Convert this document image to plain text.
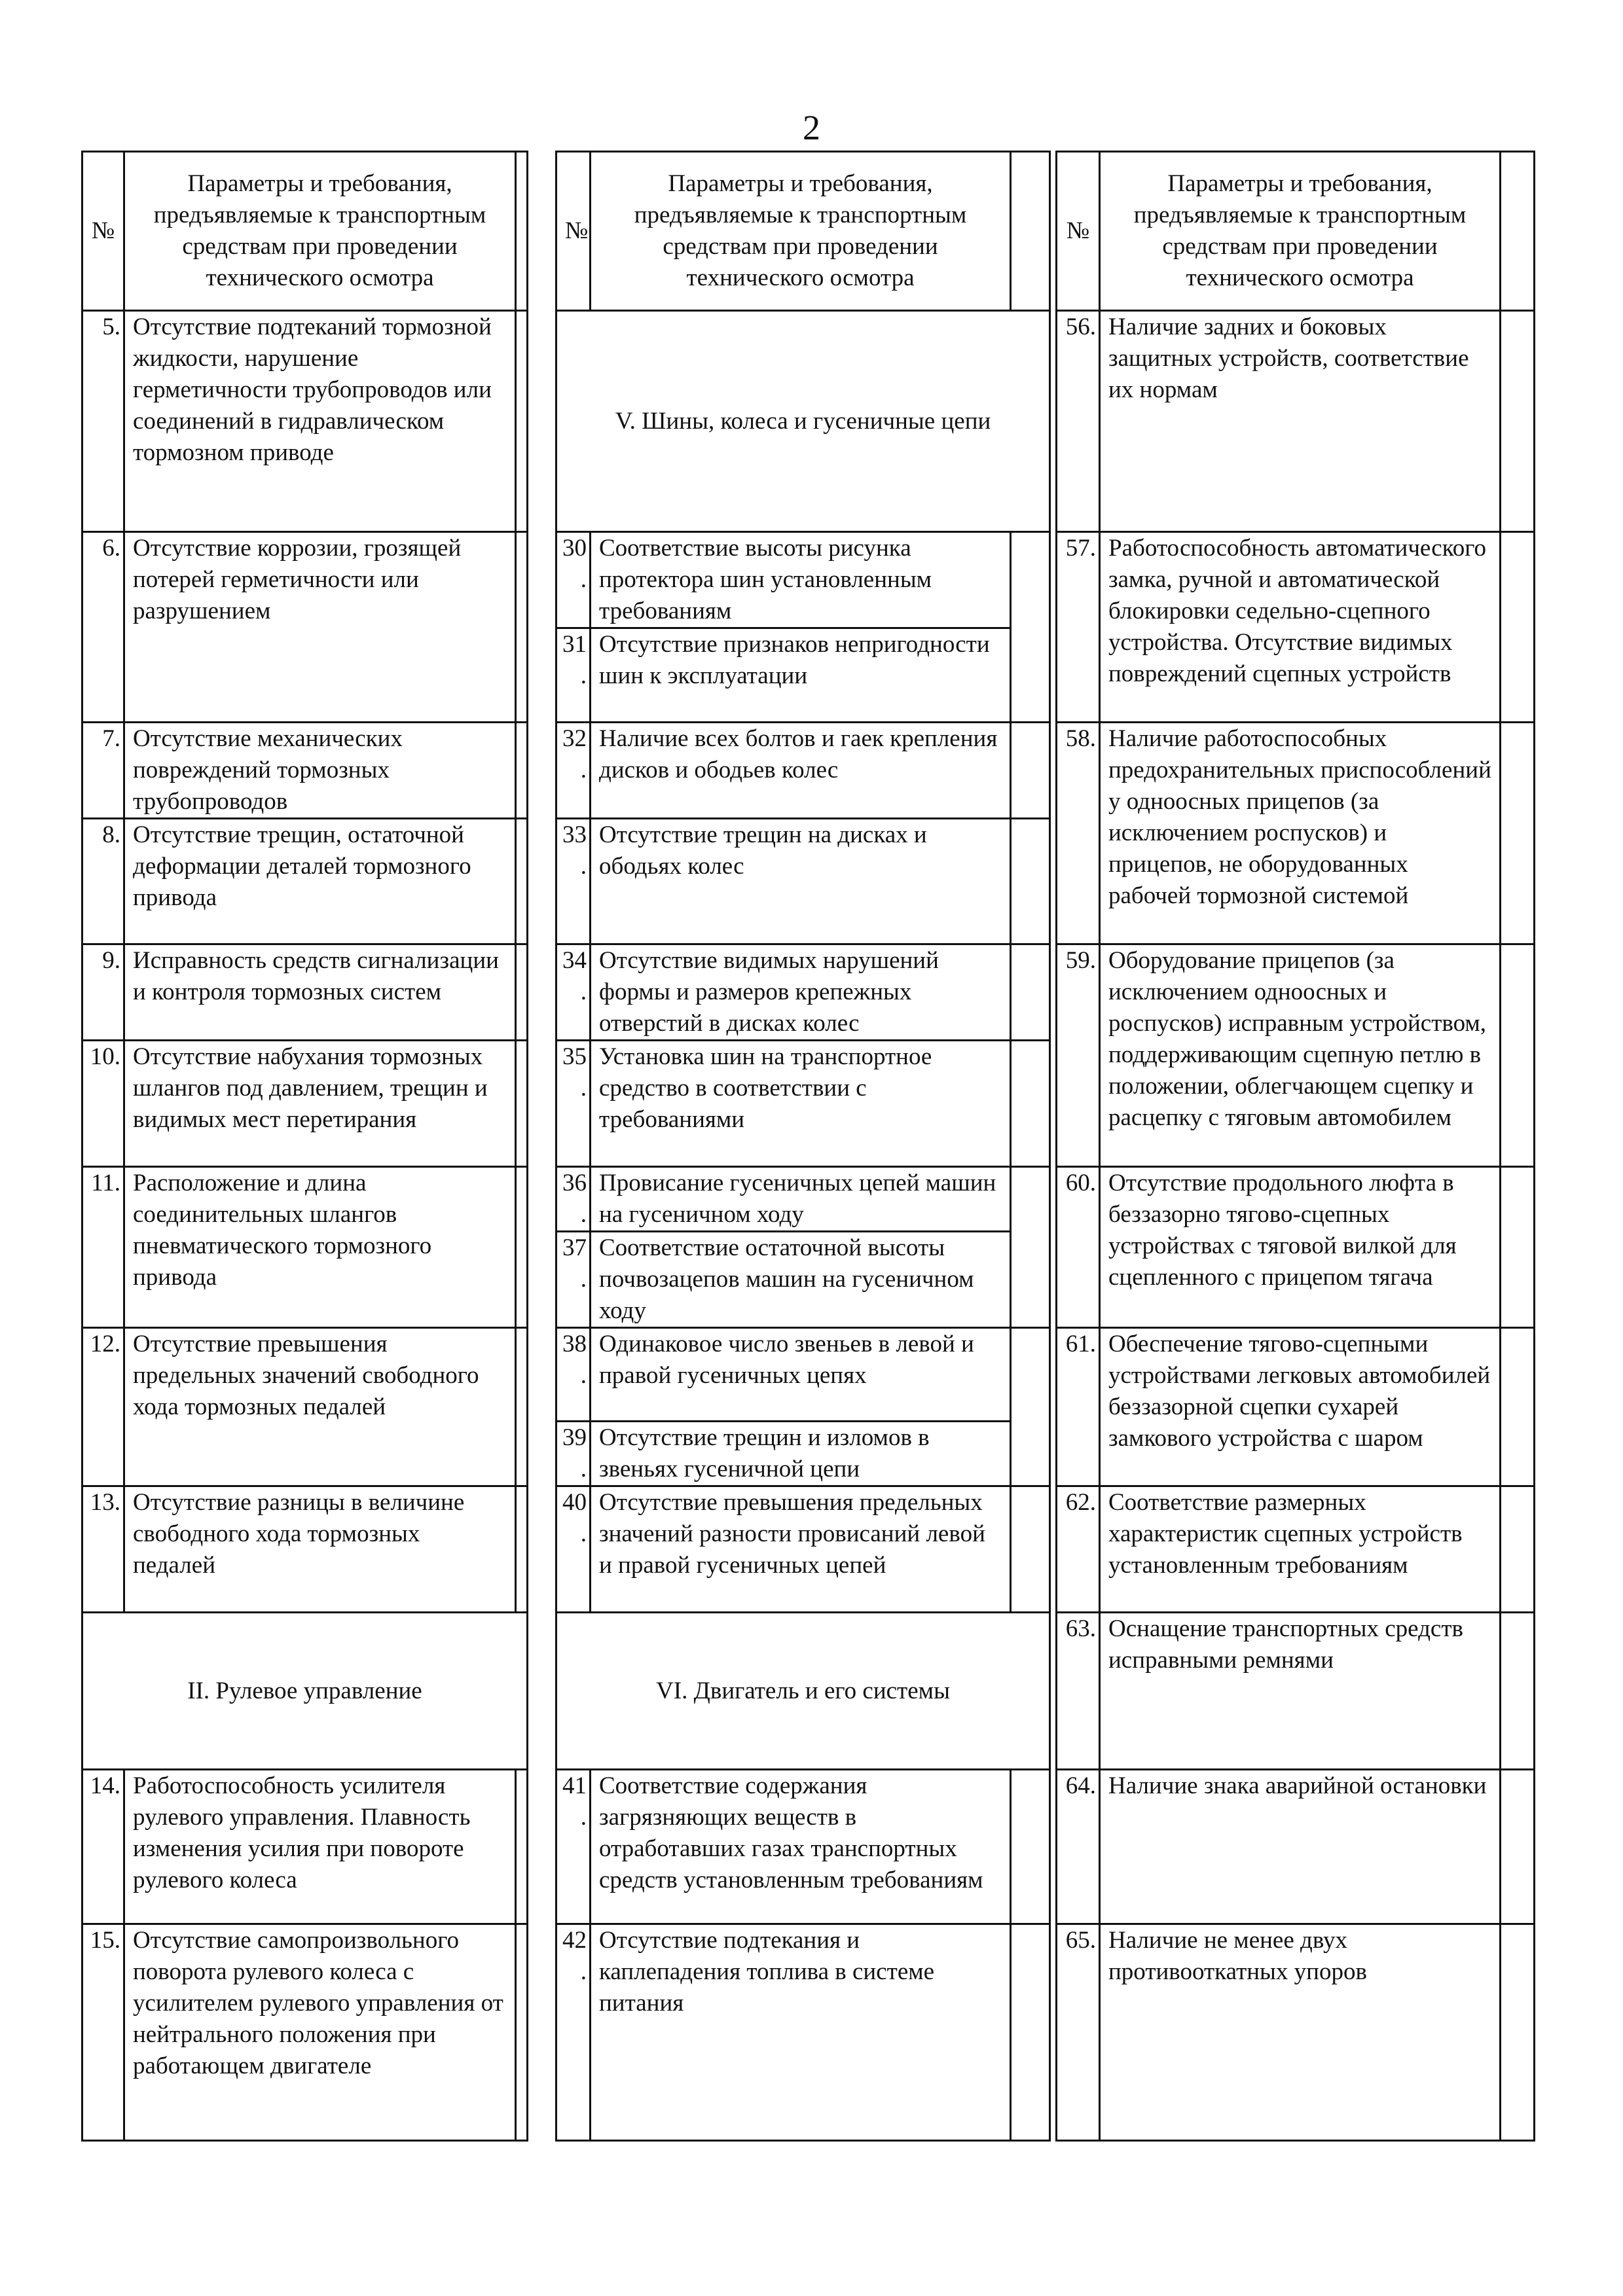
2
№	Параметры и требования, предъявляемые к транспортным средствам при проведении технического осмотра			№	Параметры и требования, предъявляемые к транспортным средствам при проведении технического осмотра			№	Параметры и требования, предъявляемые к транспортным средствам при проведении технического осмотра	
5.	Отсутствие подтеканий тормозной жидкости, нарушение герметичности трубопроводов или соединений в гидравлическом тормозном приводе			V. Шины, колеса и гусеничные цепи				56.	Наличие задних и боковых защитных устройств, соответствие их нормам	
6.	Отсутствие коррозии, грозящей потерей герметичности или разрушением			30.	Соответствие высоты рисунка протектора шин установленным требованиям			57.	Работоспособность автоматического замка, ручной и автоматической блокировки седельно-сцепного устройства. Отсутствие видимых повреждений сцепных устройств	
				31.	Отсутствие признаков непригодности шин к эксплуатации					
7.	Отсутствие механических повреждений тормозных трубопроводов			32.	Наличие всех болтов и гаек крепления дисков и ободьев колес			58.	Наличие работоспособных предохранительных приспособлений у одноосных прицепов (за исключением роспусков) и прицепов, не оборудованных рабочей тормозной системой	
8.	Отсутствие трещин, остаточной деформации деталей тормозного привода			33.	Отсутствие трещин на дисках и ободьях колес					
9.	Исправность средств сигнализации и контроля тормозных систем			34.	Отсутствие видимых нарушений формы и размеров крепежных отверстий в дисках колес			59.	Оборудование прицепов (за исключением одноосных и роспусков) исправным устройством, поддерживающим сцепную петлю в положении, облегчающем сцепку и расцепку с тяговым автомобилем	
10.	Отсутствие набухания тормозных шлангов под давлением, трещин и видимых мест перетирания			35.	Установка шин на транспортное средство в соответствии с требованиями					
11.	Расположение и длина соединительных шлангов пневматического тормозного привода			36.	Провисание гусеничных цепей машин на гусеничном ходу			60.	Отсутствие продольного люфта в беззазорно тягово-сцепных устройствах с тяговой вилкой для сцепленного с прицепом тягача	
				37.	Соответствие остаточной высоты почвозацепов машин на гусеничном ходу					
12.	Отсутствие превышения предельных значений свободного хода тормозных педалей			38.	Одинаковое число звеньев в левой и правой гусеничных цепях			61.	Обеспечение тягово-сцепными устройствами легковых автомобилей беззазорной сцепки сухарей замкового устройства с шаром	
				39.	Отсутствие трещин и изломов в звеньях гусеничной цепи					
13.	Отсутствие разницы в величине свободного хода тормозных педалей			40.	Отсутствие превышения предельных значений разности провисаний левой и правой гусеничных цепей			62.	Соответствие размерных характеристик сцепных устройств установленным требованиям	
II. Рулевое управление				VI. Двигатель и его системы				63.	Оснащение транспортных средств исправными ремнями	
14.	Работоспособность усилителя рулевого управления. Плавность изменения усилия при повороте рулевого колеса			41.	Соответствие содержания загрязняющих веществ в отработавших газах транспортных средств установленным требованиям			64.	Наличие знака аварийной остановки	
15.	Отсутствие самопроизвольного поворота рулевого колеса с усилителем рулевого управления от нейтрального положения при работающем двигателе			42.	Отсутствие подтекания и каплепадения топлива в системе питания			65.	Наличие не менее двух противооткатных упоров	
